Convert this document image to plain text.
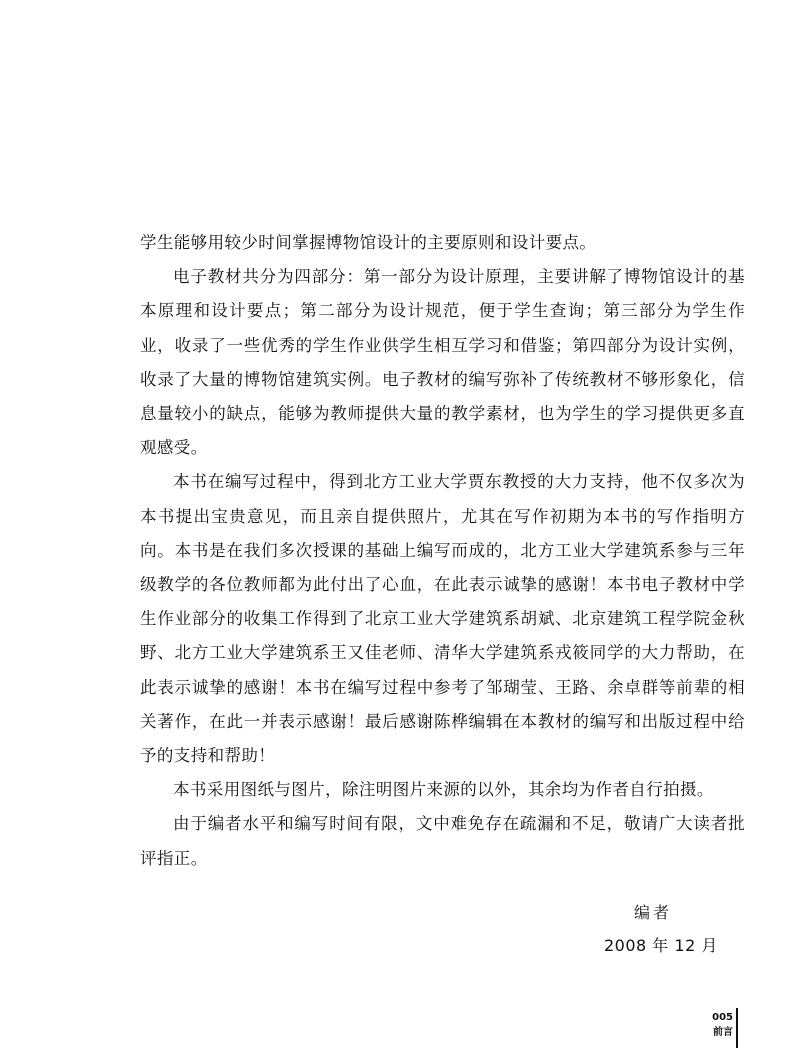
学生能够用较少时间掌握博物馆设计的主要原则和设计要点。

电子教材共分为四部分：第一部分为设计原理，主要讲解了博物馆设计的基本原理和设计要点；第二部分为设计规范，便于学生查询；第三部分为学生作业，收录了一些优秀的学生作业供学生相互学习和借鉴；第四部分为设计实例，收录了大量的博物馆建筑实例。电子教材的编写弥补了传统教材不够形象化，信息量较小的缺点，能够为教师提供大量的教学素材，也为学生的学习提供更多直观感受。

本书在编写过程中，得到北方工业大学贾东教授的大力支持，他不仅多次为本书提出宝贵意见，而且亲自提供照片，尤其在写作初期为本书的写作指明方向。本书是在我们多次授课的基础上编写而成的，北方工业大学建筑系参与三年级教学的各位教师都为此付出了心血，在此表示诚挚的感谢！本书电子教材中学生作业部分的收集工作得到了北京工业大学建筑系胡斌、北京建筑工程学院金秋野、北方工业大学建筑系王又佳老师、清华大学建筑系戎筱同学的大力帮助，在此表示诚挚的感谢！本书在编写过程中参考了邹瑚莹、王路、余卓群等前辈的相关著作，在此一并表示感谢！最后感谢陈桦编辑在本教材的编写和出版过程中给予的支持和帮助！

本书采用图纸与图片，除注明图片来源的以外，其余均为作者自行拍摄。

由于编者水平和编写时间有限，文中难免存在疏漏和不足，敬请广大读者批评指正。

编者
2008 年 12 月
005
前言
